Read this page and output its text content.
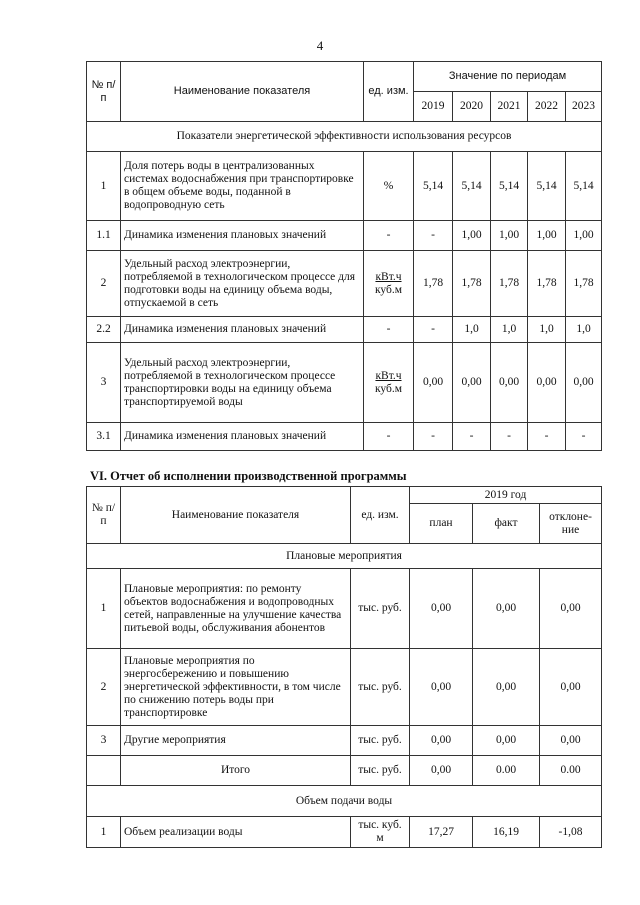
4
№ п/п	Наименование показателя	ед. изм.	Значение по периодам				
			2019	2020	2021	2022	2023
Показатели энергетической эффективности использования ресурсов							
1	Доля потерь воды в централизованных системах водоснабжения при транспортировке в общем объеме воды, поданной в водопроводную сеть	%	5,14	5,14	5,14	5,14	5,14
1.1	Динамика изменения плановых значений	-	-	1,00	1,00	1,00	1,00
2	Удельный расход электроэнергии, потребляемой в технологическом процессе для подготовки воды на единицу объема воды, отпускаемой в сеть	кВт.ч
куб.м	1,78	1,78	1,78	1,78	1,78
2.2	Динамика изменения плановых значений	-	-	1,0	1,0	1,0	1,0
3	Удельный расход электроэнергии, потребляемой в технологическом процессе транспортировки воды на единицу объема транспортируемой воды	кВт.ч
куб.м	0,00	0,00	0,00	0,00	0,00
3.1	Динамика изменения плановых значений	-	-	-	-	-	-
VI. Отчет об исполнении производственной программы
№ п/п	Наименование показателя	ед. изм.	2019 год		
			план	факт	отклоне-ние
Плановые мероприятия					
1	Плановые мероприятия: по ремонту объектов водоснабжения и водопроводных сетей, направленные на улучшение качества питьевой воды, обслуживания абонентов	тыс. руб.	0,00	0,00	0,00
2	Плановые мероприятия по энергосбережению и повышению энергетической эффективности, в том числе по снижению потерь воды при транспортировке	тыс. руб.	0,00	0,00	0,00
3	Другие мероприятия	тыс. руб.	0,00	0,00	0,00
	Итого	тыс. руб.	0,00	0.00	0.00
Объем подачи воды					
1	Объем реализации воды	тыс. куб. м	17,27	16,19	-1,08
